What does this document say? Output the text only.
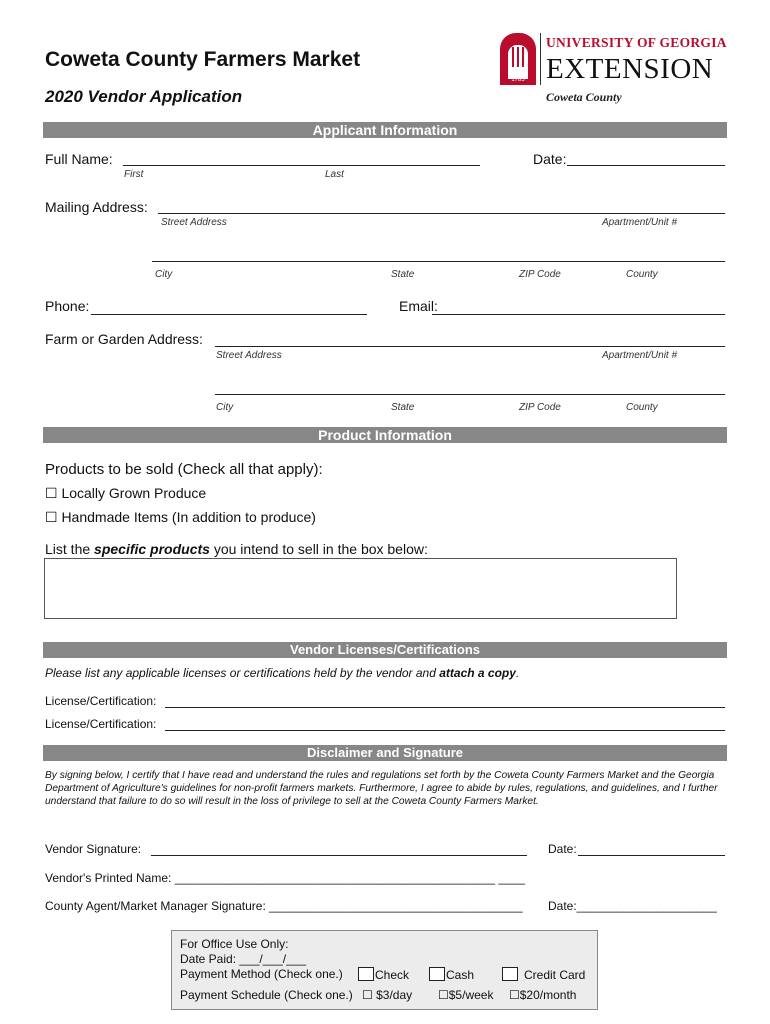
Coweta County Farmers Market
2020 Vendor Application
1785
UNIVERSITY OF GEORGIA
EXTENSION
Coweta County
Applicant Information
Full Name:
First	Last
Date:
Mailing Address:
Street Address	Apartment/Unit #
City	State	ZIP Code	County
Phone:	Email:
Farm or Garden Address:
Street Address	Apartment/Unit #
City	State	ZIP Code	County
Product Information
Products to be sold (Check all that apply):
☐ Locally Grown Produce
☐ Handmade Items (In addition to produce)
List the specific products you intend to sell in the box below:
Vendor Licenses/Certifications
Please list any applicable licenses or certifications held by the vendor and attach a copy.
License/Certification:
License/Certification:
Disclaimer and Signature
By signing below, I certify that I have read and understand the rules and regulations set forth by the Coweta County Farmers Market and the Georgia Department of Agriculture's guidelines for non-profit farmers markets. Furthermore, I agree to abide by rules, regulations, and guidelines, and I further understand that failure to do so will result in the loss of privilege to sell at the Coweta County Farmers Market.
Vendor Signature:	Date:
Vendor's Printed Name: ________________________________________________ ____
County Agent/Market Manager Signature: ______________________________________ Date:_____________________
For Office Use Only:
Date Paid: ___/___/___
Payment Method (Check one.)	Check	Cash	Credit Card
Payment Schedule (Check one.) ☐ $3/day ☐$5/week ☐$20/month
